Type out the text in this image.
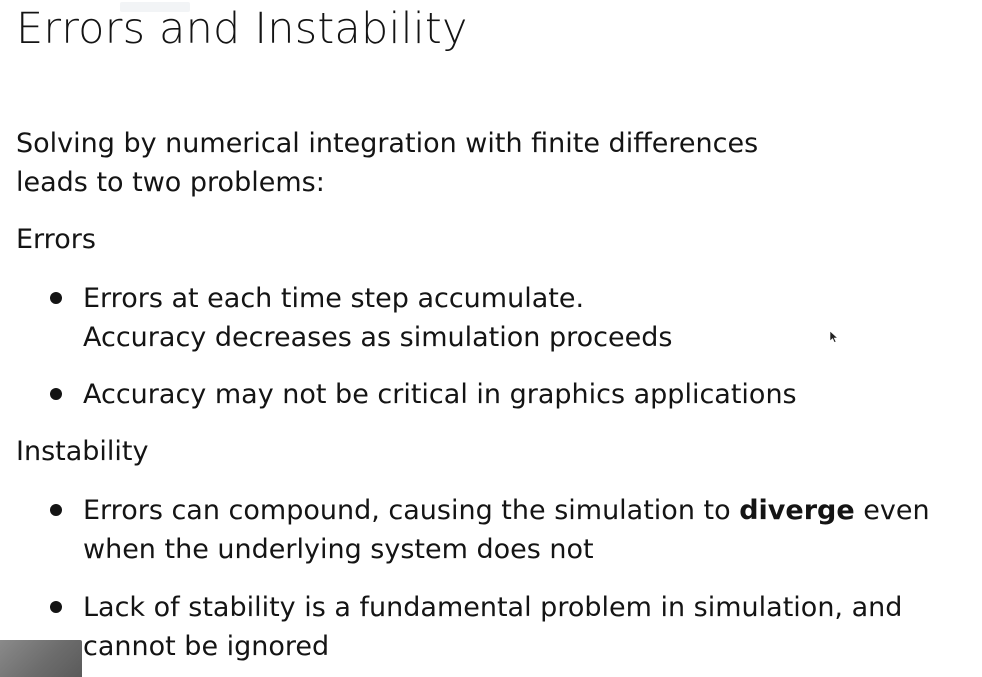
Errors and Instability
Solving by numerical integration with finite differences
leads to two problems:
Errors
Errors at each time step accumulate.
Accuracy decreases as simulation proceeds
Accuracy may not be critical in graphics applications
Instability
Errors can compound, causing the simulation to diverge even
when the underlying system does not
Lack of stability is a fundamental problem in simulation, and
cannot be ignored
